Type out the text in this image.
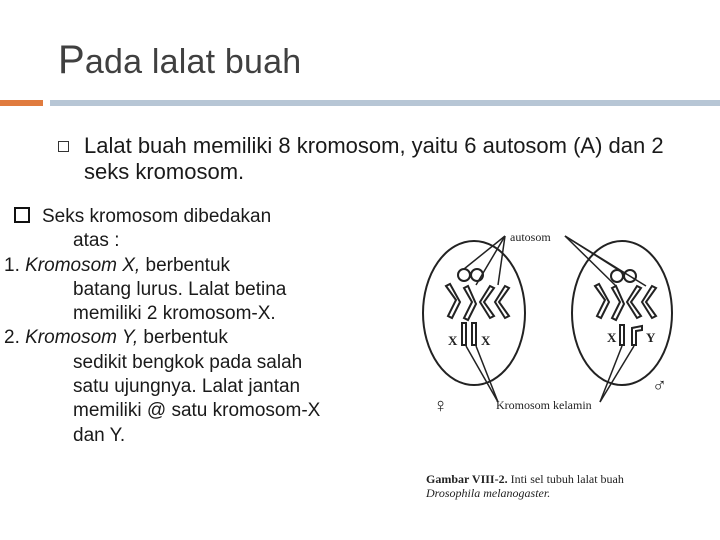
Pada lalat buah
Lalat buah memiliki 8 kromosom, yaitu 6 autosom (A) dan 2 seks kromosom.
Seks kromosom dibedakan
atas :
1. Kromosom X, berbentuk
batang lurus. Lalat betina
memiliki 2 kromosom-X.
2. Kromosom Y, berbentuk
sedikit bengkok pada salah
satu ujungnya. Lalat jantan
memiliki @ satu kromosom-X
dan Y.
autosom
X X	X Y
♀
♂
Kromosom kelamin
Gambar VIII-2. Inti sel tubuh lalat buah
Drosophila melanogaster.
